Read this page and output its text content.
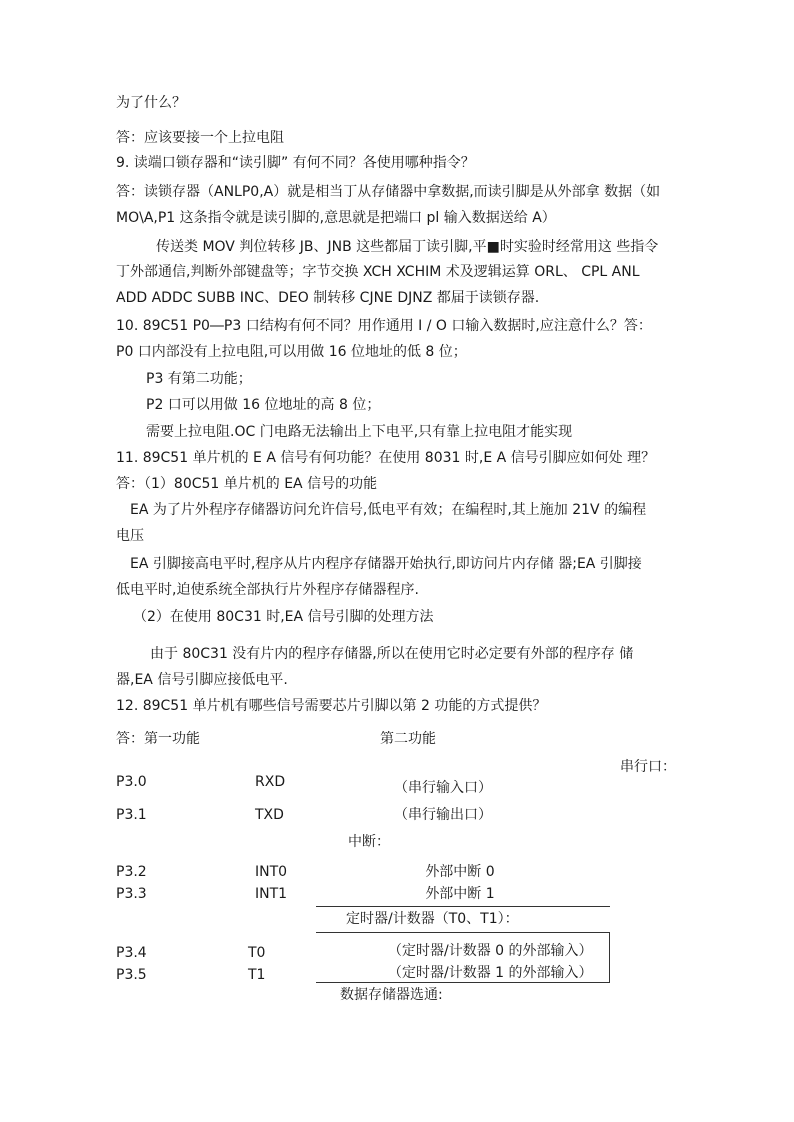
为了什么？
答：应该要接一个上拉电阻
9. 读端口锁存器和“读引脚” 有何不同？各使用哪种指令？
答：读锁存器（ANLP0,A）就是相当丁从存储器中拿数据,而读引脚是从外部拿 数据（如
MO\A,P1 这条指令就是读引脚的,意思就是把端口 pl 输入数据送给 A）
传送类 MOV 判位转移 JB、JNB 这些都届丁读引脚,平■时实验时经常用这 些指令
丁外部通信,判断外部键盘等；字节交换 XCH XCHIM 术及逻辑运算 ORL、 CPL ANL
ADD ADDC SUBB INC、DEO 制转移 CJNE DJNZ 都届于读锁存器.
10. 89C51 P0―P3 口结构有何不同？用作通用 I / O 口输入数据时,应注意什么？答：
P0 口内部没有上拉电阻,可以用做 16 位地址的低 8 位；
P3 有第二功能；
P2 口可以用做 16 位地址的高 8 位；
需要上拉电阻.OC 门电路无法输出上下电平,只有靠上拉电阻才能实现
11. 89C51 单片机的 E A 信号有何功能？在使用 8031 时,E A 信号引脚应如何处 理？
答：（1）80C51 单片机的 EA 信号的功能
EA 为了片外程序存储器访问允许信号,低电平有效；在编程时,其上施加 21V 的编程
电压
EA 引脚接高电平时,程序从片内程序存储器开始执行,即访问片内存储 器;EA 引脚接
低电平时,迫使系统全部执行片外程序存储器程序.
（2）在使用 80C31 时,EA 信号引脚的处理方法
由于 80C31 没有片内的程序存储器,所以在使用它时必定要有外部的程序存 储
器,EA 信号引脚应接低电平.
12. 89C51 单片机有哪些信号需要芯片引脚以第 2 功能的方式提供？
答：第一功能	第二功能
串行口：
P3.0	RXD	（串行输入口）
P3.1	TXD	（串行输出口）
中断：
P3.2	INT0	外部中断 0
P3.3	INT1	外部中断 1
定时器/计数器（T0、T1）：
P3.4	T0	（定时器/计数器 0 的外部输入）
P3.5	T1	（定时器/计数器 1 的外部输入）
数据存储器选通:
